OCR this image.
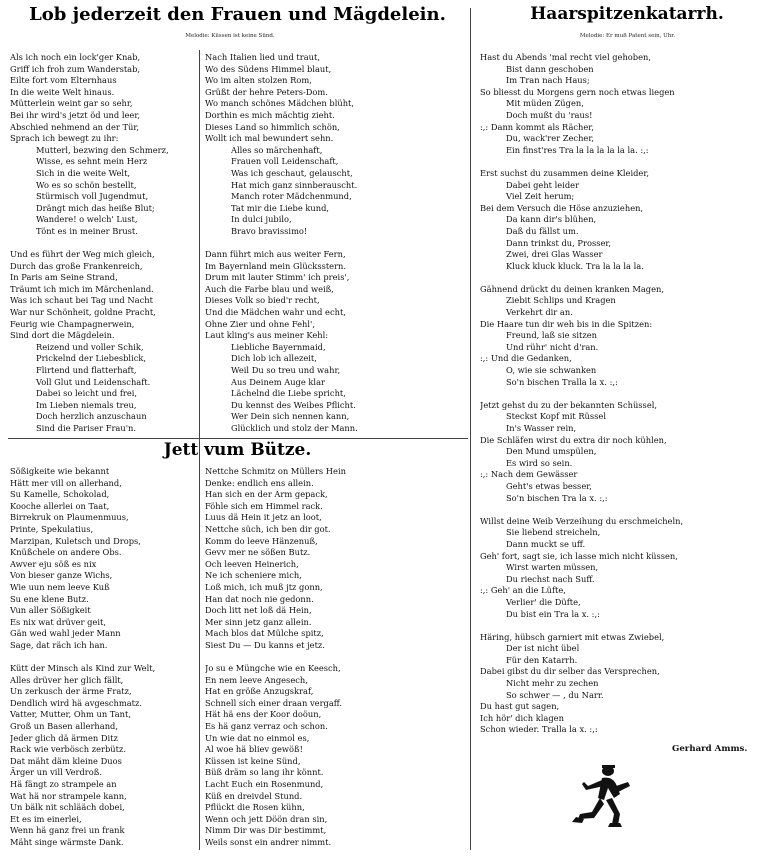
Lob jederzeit den Frauen und Mägdelein.
Melodie: Küssen ist keine Sünd.
Als ich noch ein lock'ger Knab,
Griff ich froh zum Wanderstab,
Eilte fort vom Elternhaus
In die weite Welt hinaus.
Mütterlein weint gar so sehr,
Bei ihr wird's jetzt öd und leer,
Abschied nehmend an der Tür,
Sprach ich bewegt zu ihr:
Mutterl, bezwing den Schmerz,
Wisse, es sehnt mein Herz
Sich in die weite Welt,
Wo es so schön bestellt,
Stürmisch voll Jugendmut,
Drängt mich das heiße Blut;
Wandere! o welch' Lust,
Tönt es in meiner Brust.
Und es führt der Weg mich gleich,
Durch das große Frankenreich,
In Paris am Seine Strand,
Träumt ich mich im Märchenland.
Was ich schaut bei Tag und Nacht
War nur Schönheit, goldne Pracht,
Feurig wie Champagnerwein,
Sind dort die Mägdelein.
Reizend und voller Schik,
Prickelnd der Liebesblick,
Flirtend und flatterhaft,
Voll Glut und Leidenschaft.
Dabei so leicht und frei,
Im Lieben niemals treu,
Doch herzlich anzuschaun
Sind die Pariser Frau'n.
Nach Italien lied und traut,
Wo des Südens Himmel blaut,
Wo im alten stolzen Rom,
Grüßt der hehre Peters-Dom.
Wo manch schönes Mädchen blüht,
Dorthin es mich mächtig zieht.
Dieses Land so himmlich schön,
Wollt ich mal bewundert sehn.
Alles so märchenhaft,
Frauen voll Leidenschaft,
Was ich geschaut, gelauscht,
Hat mich ganz sinnberauscht.
Manch roter Mädchenmund,
Tat mir die Liebe kund,
In dulci jubilo,
Bravo bravissimo!
Dann führt mich aus weiter Fern,
Im Bayernland mein Glücksstern.
Drum mit lauter Stimm' ich preis',
Auch die Farbe blau und weiß,
Dieses Volk so bied'r recht,
Und die Mädchen wahr und echt,
Ohne Zier und ohne Fehl',
Laut kling's aus meiner Kehl:
Liebliche Bayernmaid,
Dich lob ich allezeit,
Weil Du so treu und wahr,
Aus Deinem Auge klar
Lächelnd die Liebe spricht,
Du kennst des Weibes Pflicht.
Wer Dein sich nennen kann,
Glücklich und stolz der Mann.
Jett vum Bütze.
Sößigkeite wie bekannt
Hätt mer vill on allerhand,
Su Kamelle, Schokolad,
Kooche allerlei on Taat,
Birrekruk on Plaumenmuus,
Printe, Spekulatius,
Marzipan, Kuletsch und Drops,
Knüßchele on andere Obs.
Awver eju söß es nix
Von bieser ganze Wichs,
Wie uun nem leeve Kuß
Su ene klene Butz.
Vun aller Sößigkeit
Es nix wat drüver geit,
Gän wed wahl jeder Mann
Sage, dat räch ich han.
Kütt der Minsch als Kind zur Welt,
Alles drüver her glich fällt,
Un zerkusch der ärme Fratz,
Dendlich wird hä avgeschmatz.
Vatter, Mutter, Ohm un Tant,
Groß un Basen allerhand,
Jeder glich dä ärmen Ditz
Rack wie verbösch zerbütz.
Dat mäht däm kleine Duos
Ärger un vill Verdroß.
Hä fängt zo strampele an
Wat hä nor strampele kann,
Un bälk nit schlääch dobei,
Et es im einerlei,
Wenn hä ganz frei un frank
Mäht singe wärmste Dank.
Nettche Schmitz on Müllers Hein
Denke: endlich ens allein.
Han sich en der Arm gepack,
Föhle sich em Himmel rack.
Luus dä Hein it jetz an loot,
Nettche süch, ich ben dir got.
Komm do leeve Hänzenuß,
Gevv mer ne sößen Butz.
Och leeven Heinerich,
Ne ich scheniere mich,
Loß mich, ich muß jtz gonn,
Han dat noch nie gedonn.
Doch litt net loß dä Hein,
Mer sinn jetz ganz allein.
Mach blos dat Mülche spitz,
Siest Du — Du kanns et jetz.
Jo su e Müngche wie en Keesch,
En nem leeve Angesech,
Hat en größe Anzugskraf,
Schnell sich einer draan vergaff.
Hät hä ens der Koor doöun,
Es hä ganz verraz och schon.
Un wie dat no einmol es,
Al woe hä bliev gewöß!
Küssen ist keine Sünd,
Büß dräm so lang ihr könnt.
Lacht Euch ein Rosenmund,
Küß en dreivdel Stund.
Pflückt die Rosen kühn,
Wenn och jett Döön dran sin,
Nimm Dir was Dir bestimmt,
Weils sonst ein andrer nimmt.
Haarspitzenkatarrh.
Melodie: Er muß Patent sein, Uhr.
Hast du Abends 'mal recht viel gehoben,
Bist dann geschoben
Im Tran nach Haus;
So bliesst du Morgens gern noch etwas liegen
Mit müden Zügen,
Doch mußt du 'raus!
:,: Dann kommt als Rächer,
Du, wack'rer Zecher,
Ein finst'res Tra la la la la la la. :,:
Erst suchst du zusammen deine Kleider,
Dabei geht leider
Viel Zeit herum;
Bei dem Versuch die Höse anzuziehen,
Da kann dir's blühen,
Daß du fällst um.
Dann trinkst du, Prosser,
Zwei, drei Glas Wasser
Kluck kluck kluck. Tra la la la la.
Gähnend drückt du deinen kranken Magen,
Ziebit Schlips und Kragen
Verkehrt dir an.
Die Haare tun dir weh bis in die Spitzen:
Freund, laß sie sitzen
Und rühr' nicht d'ran.
:,: Und die Gedanken,
O, wie sie schwanken
So'n bischen Tralla la x. :,:
Jetzt gehst du zu der bekannten Schüssel,
Steckst Kopf mit Rüssel
In's Wasser rein,
Die Schläfen wirst du extra dir noch kühlen,
Den Mund umspülen,
Es wird so sein.
:,: Nach dem Gewässer
Geht's etwas besser,
So'n bischen Tra la x. :,:
Willst deine Weib Verzeihung du erschmeicheln,
Sie liebend streicheln,
Dann muckt se uff.
Geh' fort, sagt sie, ich lasse mich nicht küssen,
Wirst warten müssen,
Du riechst nach Suff.
:,: Geh' an die Lüfte,
Verlier' die Düfte,
Du bist ein Tra la x. :,:
Häring, hübsch garniert mit etwas Zwiebel,
Der ist nicht übel
Für den Katarrh.
Dabei gibst du dir selber das Versprechen,
Nicht mehr zu zechen
So schwer — , du Narr.
Du hast gut sagen,
Ich hör' dich klagen
Schon wieder. Tralla la x. :,:
Gerhard Amms.
